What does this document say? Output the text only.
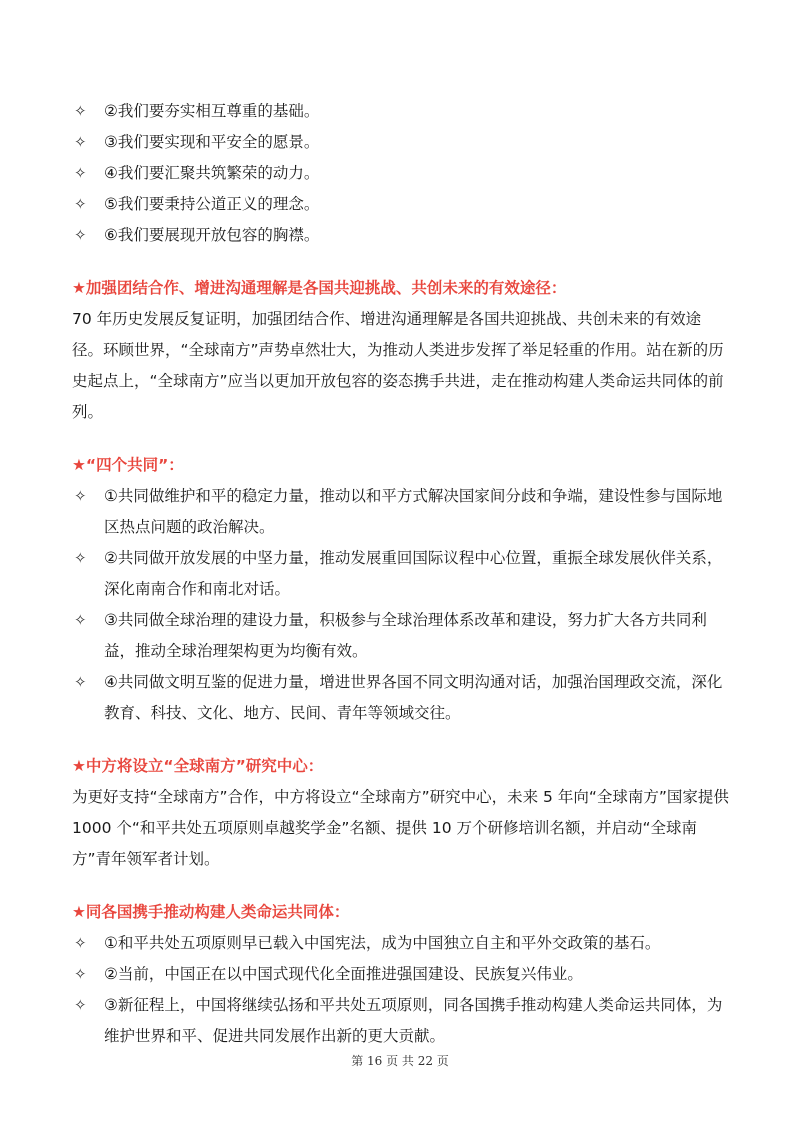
✧ ②我们要夯实相互尊重的基础。
✧ ③我们要实现和平安全的愿景。
✧ ④我们要汇聚共筑繁荣的动力。
✧ ⑤我们要秉持公道正义的理念。
✧ ⑥我们要展现开放包容的胸襟。
★加强团结合作、增进沟通理解是各国共迎挑战、共创未来的有效途径：
70 年历史发展反复证明，加强团结合作、增进沟通理解是各国共迎挑战、共创未来的有效途径。环顾世界，“全球南方”声势卓然壮大，为推动人类进步发挥了举足轻重的作用。站在新的历史起点上，“全球南方”应当以更加开放包容的姿态携手共进，走在推动构建人类命运共同体的前列。
★“四个共同”：
✧ ①共同做维护和平的稳定力量，推动以和平方式解决国家间分歧和争端，建设性参与国际地区热点问题的政治解决。
✧ ②共同做开放发展的中坚力量，推动发展重回国际议程中心位置，重振全球发展伙伴关系，深化南南合作和南北对话。
✧ ③共同做全球治理的建设力量，积极参与全球治理体系改革和建设，努力扩大各方共同利益，推动全球治理架构更为均衡有效。
✧ ④共同做文明互鉴的促进力量，增进世界各国不同文明沟通对话，加强治国理政交流，深化教育、科技、文化、地方、民间、青年等领域交往。
★中方将设立“全球南方”研究中心：
为更好支持“全球南方”合作，中方将设立“全球南方”研究中心，未来 5 年向“全球南方”国家提供 1000 个“和平共处五项原则卓越奖学金”名额、提供 10 万个研修培训名额，并启动“全球南方”青年领军者计划。
★同各国携手推动构建人类命运共同体：
✧ ①和平共处五项原则早已载入中国宪法，成为中国独立自主和平外交政策的基石。
✧ ②当前，中国正在以中国式现代化全面推进强国建设、民族复兴伟业。
✧ ③新征程上，中国将继续弘扬和平共处五项原则，同各国携手推动构建人类命运共同体，为维护世界和平、促进共同发展作出新的更大贡献。
第 16 页 共 22 页
